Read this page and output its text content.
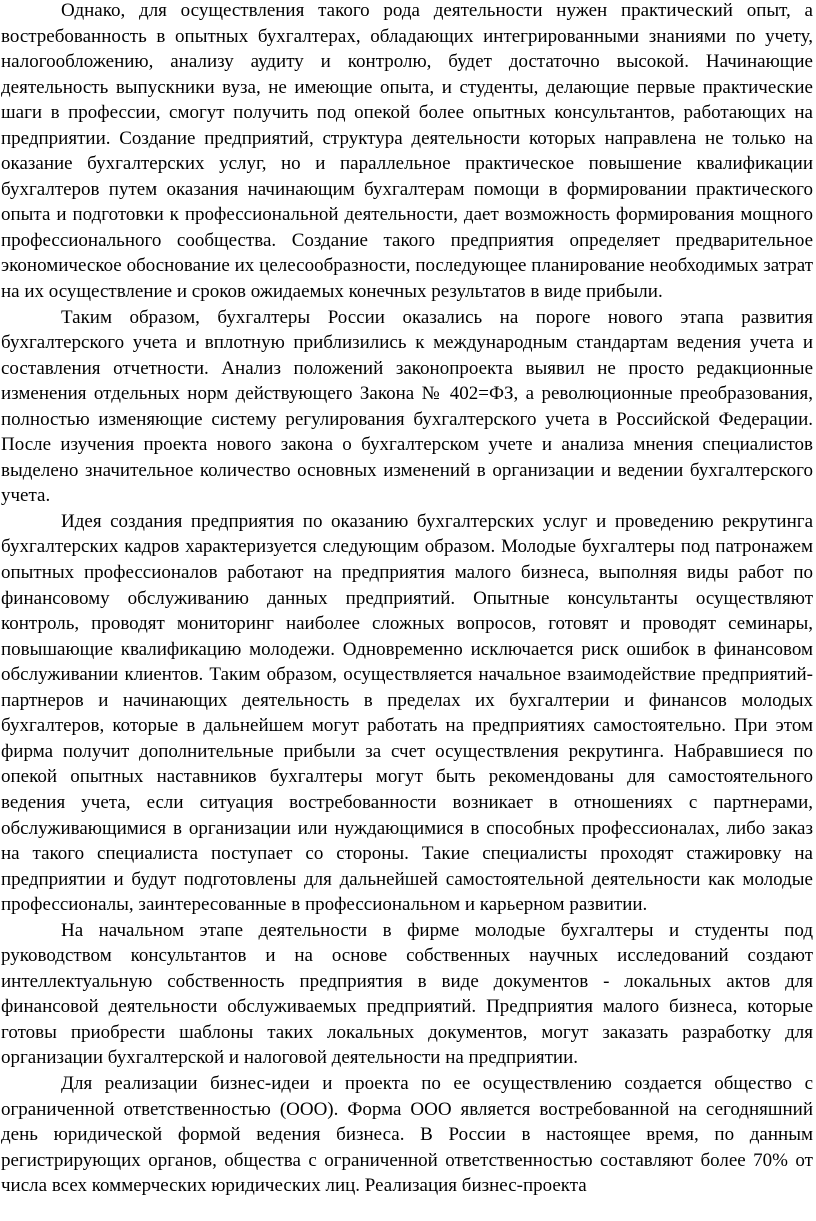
Однако, для осуществления такого рода деятельности нужен практический опыт, а востребованность в опытных бухгалтерах, обладающих интегрированными знаниями по учету, налогообложению, анализу аудиту и контролю, будет достаточно высокой. Начинающие деятельность выпускники вуза, не имеющие опыта, и студенты, делающие первые практические шаги в профессии, смогут получить под опекой более опытных консультантов, работающих на предприятии. Создание предприятий, структура деятельности которых направлена не только на оказание бухгалтерских услуг, но и параллельное практическое повышение квалификации бухгалтеров путем оказания начинающим бухгалтерам помощи в формировании практического опыта и подготовки к профессиональной деятельности, дает возможность формирования мощного профессионального сообщества. Создание такого предприятия определяет предварительное экономическое обоснование их целесообразности, последующее планирование необходимых затрат на их осуществление и сроков ожидаемых конечных результатов в виде прибыли.

Таким образом, бухгалтеры России оказались на пороге нового этапа развития бухгалтерского учета и вплотную приблизились к международным стандартам ведения учета и составления отчетности. Анализ положений законопроекта выявил не просто редакционные изменения отдельных норм действующего Закона № 402=ФЗ, а революционные преобразования, полностью изменяющие систему регулирования бухгалтерского учета в Российской Федерации. После изучения проекта нового закона о бухгалтерском учете и анализа мнения специалистов выделено значительное количество основных изменений в организации и ведении бухгалтерского учета.

Идея создания предприятия по оказанию бухгалтерских услуг и проведению рекрутинга бухгалтерских кадров характеризуется следующим образом. Молодые бухгалтеры под патронажем опытных профессионалов работают на предприятия малого бизнеса, выполняя виды работ по финансовому обслуживанию данных предприятий. Опытные консультанты осуществляют контроль, проводят мониторинг наиболее сложных вопросов, готовят и проводят семинары, повышающие квалификацию молодежи. Одновременно исключается риск ошибок в финансовом обслуживании клиентов. Таким образом, осуществляется начальное взаимодействие предприятий-партнеров и начинающих деятельность в пределах их бухгалтерии и финансов молодых бухгалтеров, которые в дальнейшем могут работать на предприятиях самостоятельно. При этом фирма получит дополнительные прибыли за счет осуществления рекрутинга. Набравшиеся по опекой опытных наставников бухгалтеры могут быть рекомендованы для самостоятельного ведения учета, если ситуация востребованности возникает в отношениях с партнерами, обслуживающимися в организации или нуждающимися в способных профессионалах, либо заказ на такого специалиста поступает со стороны. Такие специалисты проходят стажировку на предприятии и будут подготовлены для дальнейшей самостоятельной деятельности как молодые профессионалы, заинтересованные в профессиональном и карьерном развитии.

На начальном этапе деятельности в фирме молодые бухгалтеры и студенты под руководством консультантов и на основе собственных научных исследований создают интеллектуальную собственность предприятия в виде документов - локальных актов для финансовой деятельности обслуживаемых предприятий. Предприятия малого бизнеса, которые готовы приобрести шаблоны таких локальных документов, могут заказать разработку для организации бухгалтерской и налоговой деятельности на предприятии.

Для реализации бизнес-идеи и проекта по ее осуществлению создается общество с ограниченной ответственностью (ООО). Форма ООО является востребованной на сегодняшний день юридической формой ведения бизнеса. В России в настоящее время, по данным регистрирующих органов, общества с ограниченной ответственностью составляют более 70% от числа всех коммерческих юридических лиц. Реализация бизнес-проекта
